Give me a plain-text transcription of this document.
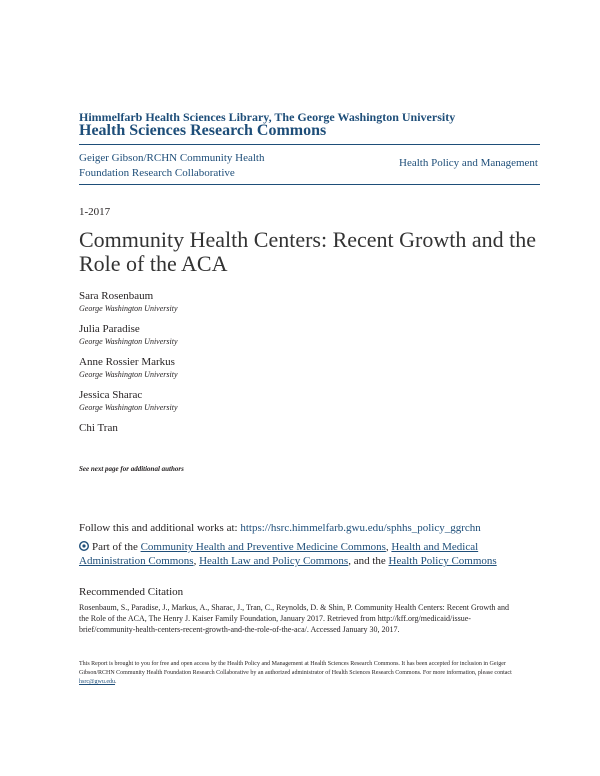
Himmelfarb Health Sciences Library, The George Washington University
Health Sciences Research Commons
Geiger Gibson/RCHN Community Health Foundation Research Collaborative
Health Policy and Management
1-2017
Community Health Centers: Recent Growth and the Role of the ACA
Sara Rosenbaum
George Washington University
Julia Paradise
George Washington University
Anne Rossier Markus
George Washington University
Jessica Sharac
George Washington University
Chi Tran
See next page for additional authors
Follow this and additional works at: https://hsrc.himmelfarb.gwu.edu/sphhs_policy_ggrchn
Part of the Community Health and Preventive Medicine Commons, Health and Medical Administration Commons, Health Law and Policy Commons, and the Health Policy Commons
Recommended Citation
Rosenbaum, S., Paradise, J., Markus, A., Sharac, J., Tran, C., Reynolds, D. & Shin, P. Community Health Centers: Recent Growth and the Role of the ACA, The Henry J. Kaiser Family Foundation, January 2017. Retrieved from http://kff.org/medicaid/issue-brief/community-health-centers-recent-growth-and-the-role-of-the-aca/. Accessed January 30, 2017.
This Report is brought to you for free and open access by the Health Policy and Management at Health Sciences Research Commons. It has been accepted for inclusion in Geiger Gibson/RCHN Community Health Foundation Research Collaborative by an authorized administrator of Health Sciences Research Commons. For more information, please contact hsrc@gwu.edu.
